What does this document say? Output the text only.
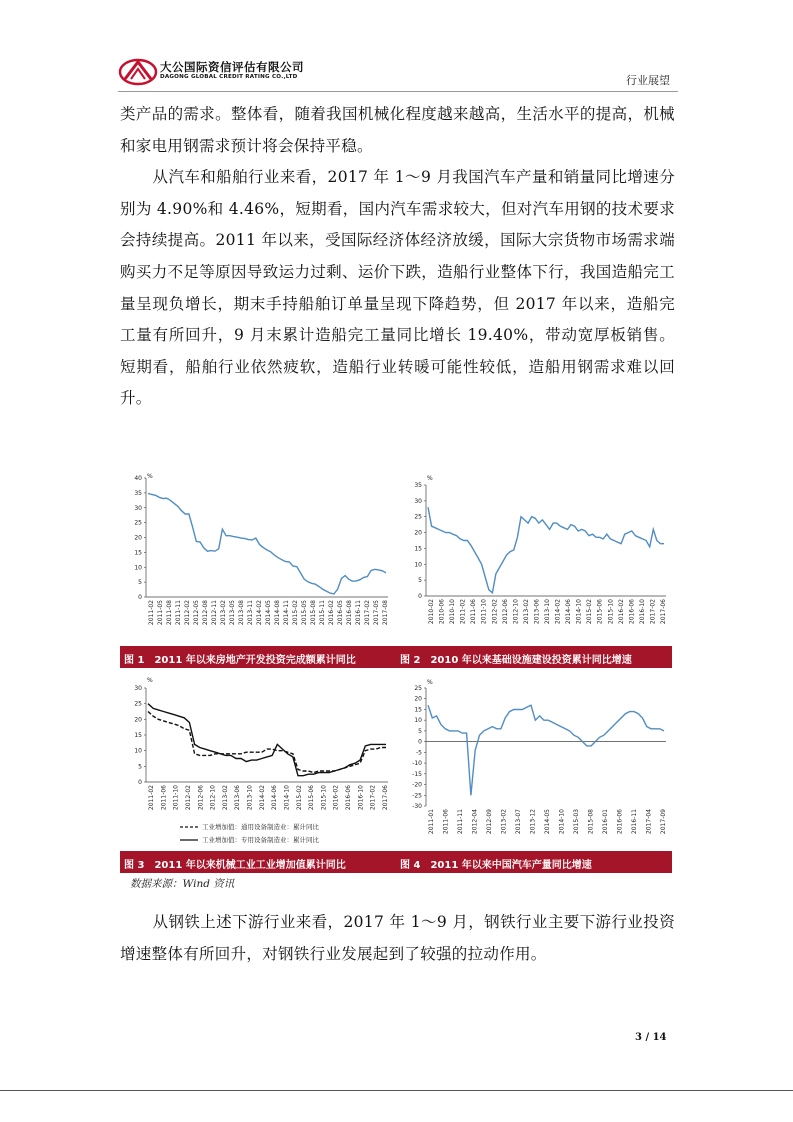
大公国际资信评估有限公司
DAGONG GLOBAL CREDIT RATING CO.,LTD	行业展望

类产品的需求。整体看，随着我国机械化程度越来越高，生活水平的提高，机械和家电用钢需求预计将会保持平稳。

从汽车和船舶行业来看，2017 年 1～9 月我国汽车产量和销量同比增速分别为 4.90%和 4.46%，短期看，国内汽车需求较大，但对汽车用钢的技术要求会持续提高。2011 年以来，受国际经济体经济放缓，国际大宗货物市场需求端购买力不足等原因导致运力过剩、运价下跌，造船行业整体下行，我国造船完工量呈现负增长，期末手持船舶订单量呈现下降趋势，但 2017 年以来，造船完工量有所回升，9 月末累计造船完工量同比增长 19.40%，带动宽厚板销售。短期看，船舶行业依然疲软，造船行业转暖可能性较低，造船用钢需求难以回升。

%
0
5
10
15
20
25
30
35
40
2011-02 2011-05 2011-08 2011-11 2012-02 2012-05 2012-08 2012-11 2013-02 2013-05 2013-08 2013-11 2014-02 2014-05 2014-08 2014-11 2015-02 2015-05 2015-08 2015-11 2016-02 2016-05 2016-08 2016-11 2017-02 2017-05 2017-08
%
0
5
10
15
20
25
30
35
2010-02 2010-06 2010-10 2011-02 2011-06 2011-10 2012-02 2012-06 2012-10 2013-02 2013-06 2013-10 2014-02 2014-06 2014-10 2015-02 2015-06 2015-10 2016-02 2016-06 2016-10 2017-02 2017-06
图 1　2011 年以来房地产开发投资完成额累计同比	图 2　2010 年以来基础设施建设投资累计同比增速
%
0
5
10
15
20
25
30
2011-02 2011-06 2011-10 2012-02 2012-06 2012-10 2013-02 2013-06 2013-10 2014-02 2014-06 2014-10 2015-02 2015-06 2015-10 2016-02 2016-06 2016-10 2017-02 2017-06
工业增加值：通用设备制造业：累计同比
工业增加值：专用设备制造业：累计同比
%
-30
-25
-20
-15
-10
-5
0
5
10
15
20
25
2011-01 2011-06 2011-11 2012-04 2012-09 2013-02 2013-07 2013-12 2014-05 2014-10 2015-03 2015-08 2016-01 2016-06 2016-11 2017-04 2017-09
图 3　2011 年以来机械工业工业增加值累计同比	图 4　2011 年以来中国汽车产量同比增速
数据来源：Wind 资讯

从钢铁上述下游行业来看，2017 年 1～9 月，钢铁行业主要下游行业投资增速整体有所回升，对钢铁行业发展起到了较强的拉动作用。

3 / 14
